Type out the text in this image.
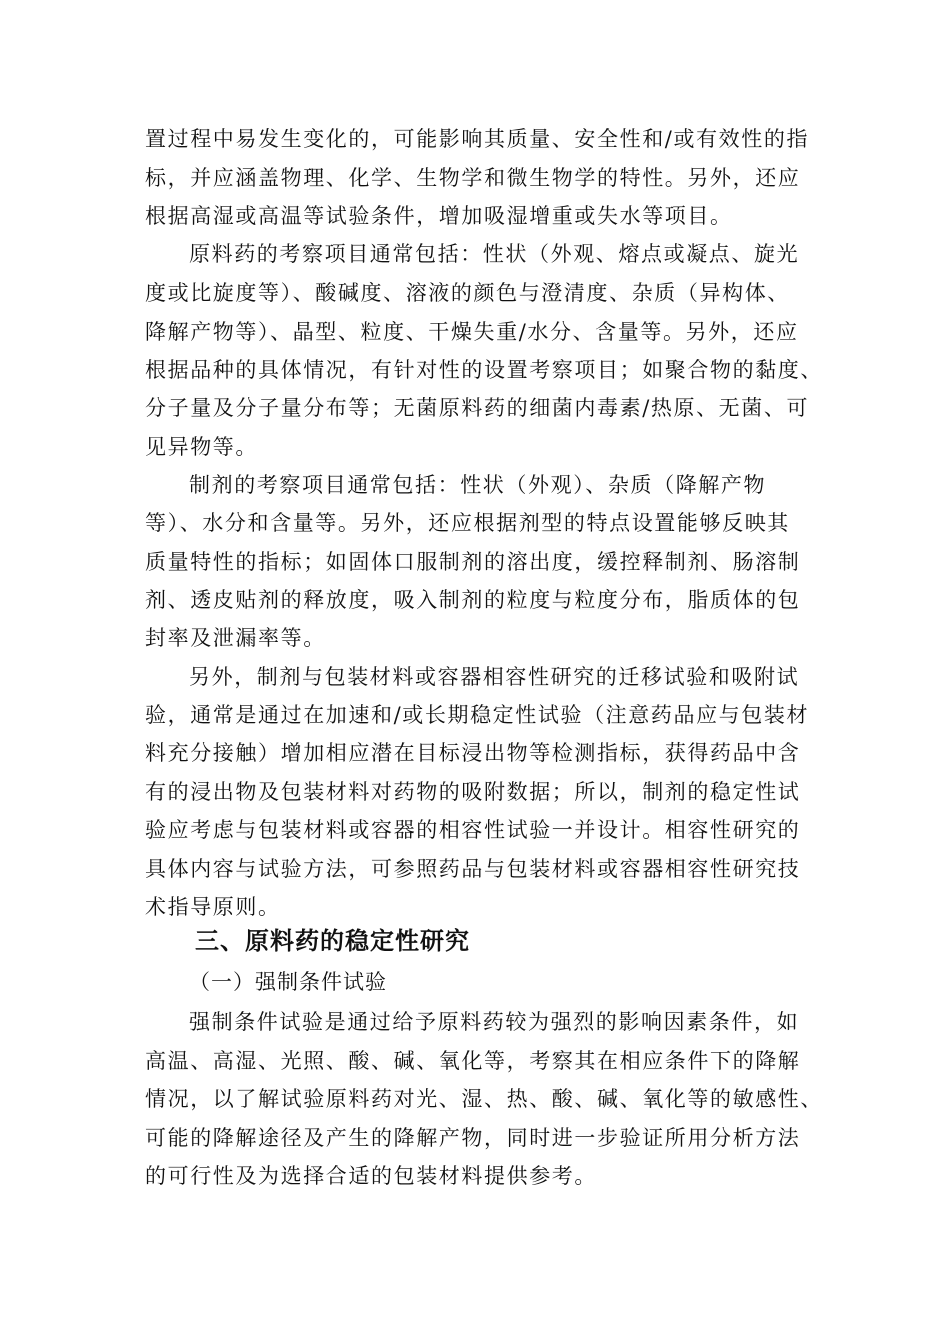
置过程中易发生变化的，可能影响其质量、安全性和/或有效性的指
标，并应涵盖物理、化学、生物学和微生物学的特性。另外，还应
根据高湿或高温等试验条件，增加吸湿增重或失水等项目。
原料药的考察项目通常包括：性状（外观、熔点或凝点、旋光
度或比旋度等）、酸碱度、溶液的颜色与澄清度、杂质（异构体、
降解产物等）、晶型、粒度、干燥失重/水分、含量等。另外，还应
根据品种的具体情况，有针对性的设置考察项目；如聚合物的黏度、
分子量及分子量分布等；无菌原料药的细菌内毒素/热原、无菌、可
见异物等。
制剂的考察项目通常包括：性状（外观）、杂质（降解产物
等）、水分和含量等。另外，还应根据剂型的特点设置能够反映其
质量特性的指标；如固体口服制剂的溶出度，缓控释制剂、肠溶制
剂、透皮贴剂的释放度，吸入制剂的粒度与粒度分布，脂质体的包
封率及泄漏率等。
另外，制剂与包装材料或容器相容性研究的迁移试验和吸附试
验，通常是通过在加速和/或长期稳定性试验（注意药品应与包装材
料充分接触）增加相应潜在目标浸出物等检测指标，获得药品中含
有的浸出物及包装材料对药物的吸附数据；所以，制剂的稳定性试
验应考虑与包装材料或容器的相容性试验一并设计。相容性研究的
具体内容与试验方法，可参照药品与包装材料或容器相容性研究技
术指导原则。
三、原料药的稳定性研究
（一）强制条件试验
强制条件试验是通过给予原料药较为强烈的影响因素条件，如
高温、高湿、光照、酸、碱、氧化等，考察其在相应条件下的降解
情况，以了解试验原料药对光、湿、热、酸、碱、氧化等的敏感性、
可能的降解途径及产生的降解产物，同时进一步验证所用分析方法
的可行性及为选择合适的包装材料提供参考。
